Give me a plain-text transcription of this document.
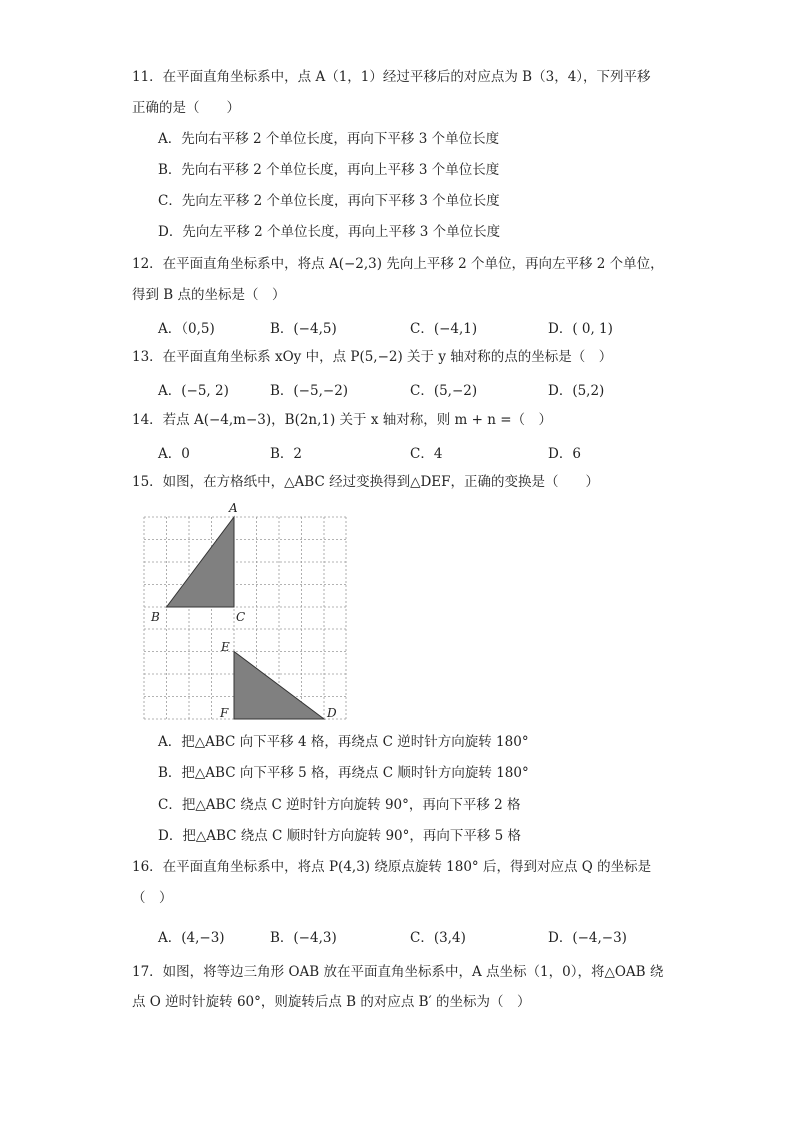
11．在平面直角坐标系中，点 A（1，1）经过平移后的对应点为 B（3，4），下列平移
正确的是（　　）
A．先向右平移 2 个单位长度，再向下平移 3 个单位长度
B．先向右平移 2 个单位长度，再向上平移 3 个单位长度
C．先向左平移 2 个单位长度，再向下平移 3 个单位长度
D．先向左平移 2 个单位长度，再向上平移 3 个单位长度
12．在平面直角坐标系中，将点 A(−2,3) 先向上平移 2 个单位，再向左平移 2 个单位，
得到 B 点的坐标是（　）
A．（0,5)	B．(−4,5)	C．(−4,1)	D．( 0, 1)
13．在平面直角坐标系 xOy 中，点 P(5,−2) 关于 y 轴对称的点的坐标是（　）
A．(−5, 2)	B．(−5,−2)	C．(5,−2)	D．(5,2)
14．若点 A(−4,m−3)，B(2n,1) 关于 x 轴对称，则 m + n =（　）
A．0	B．2	C．4	D．6
15．如图，在方格纸中，△ABC 经过变换得到△DEF，正确的变换是（　　）
A
B	C
E
F	D
A．把△ABC 向下平移 4 格，再绕点 C 逆时针方向旋转 180°
B．把△ABC 向下平移 5 格，再绕点 C 顺时针方向旋转 180°
C．把△ABC 绕点 C 逆时针方向旋转 90°，再向下平移 2 格
D．把△ABC 绕点 C 顺时针方向旋转 90°，再向下平移 5 格
16．在平面直角坐标系中，将点 P(4,3) 绕原点旋转 180° 后，得到对应点 Q 的坐标是
（　）
A．(4,−3)	B．(−4,3)	C．(3,4)	D．(−4,−3)
17．如图，将等边三角形 OAB 放在平面直角坐标系中，A 点坐标（1，0），将△OAB 绕
点 O 逆时针旋转 60°，则旋转后点 B 的对应点 B′ 的坐标为（　）
